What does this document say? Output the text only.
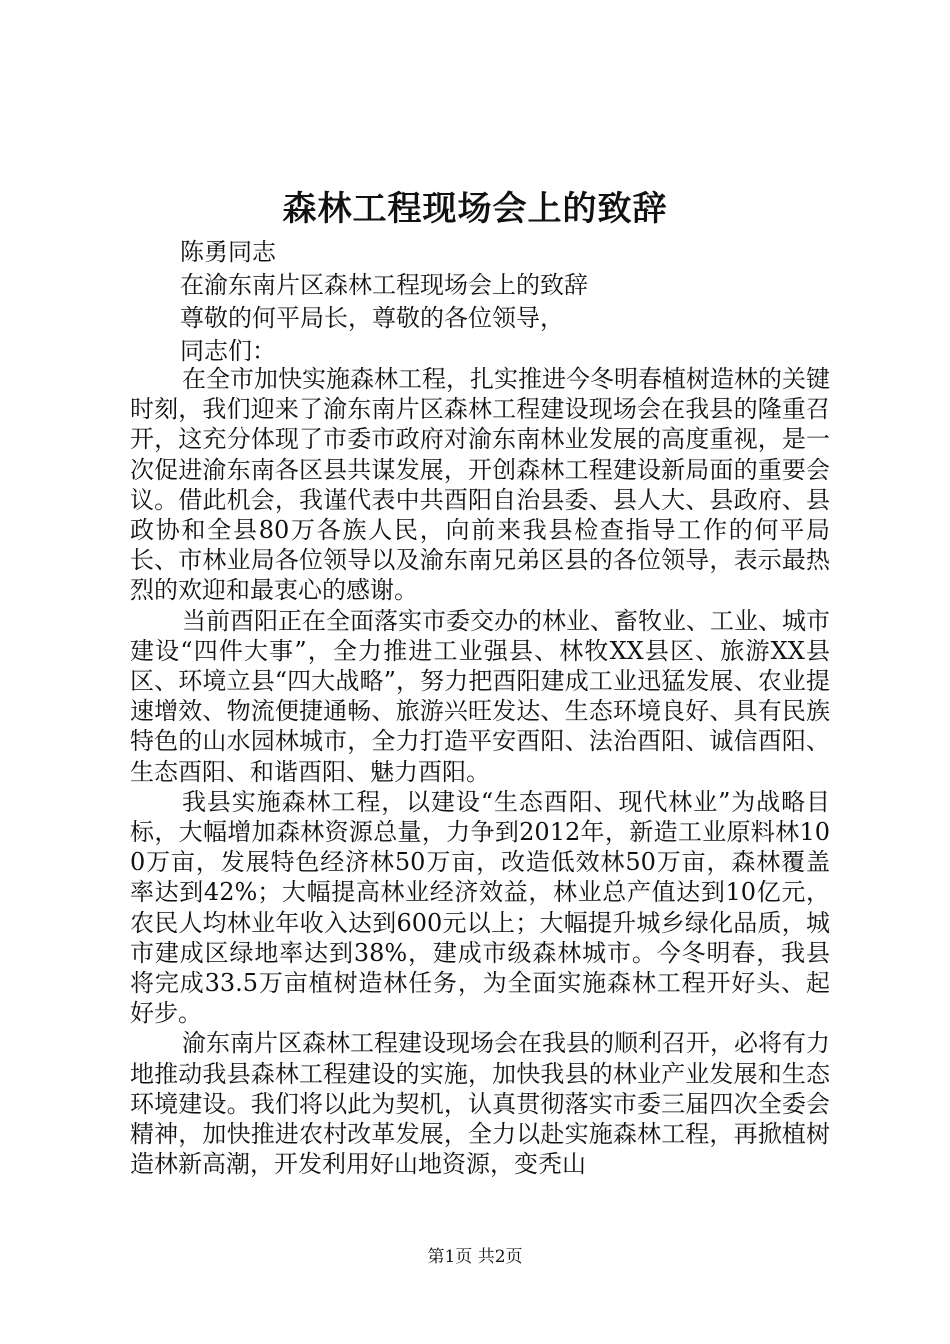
森林工程现场会上的致辞
陈勇同志
在渝东南片区森林工程现场会上的致辞
尊敬的何平局长，尊敬的各位领导，
同志们：

在全市加快实施森林工程，扎实推进今冬明春植树造林的关键时刻，我们迎来了渝东南片区森林工程建设现场会在我县的隆重召开，这充分体现了市委市政府对渝东南林业发展的高度重视，是一次促进渝东南各区县共谋发展，开创森林工程建设新局面的重要会议。借此机会，我谨代表中共酉阳自治县委、县人大、县政府、县政协和全县80万各族人民，向前来我县检查指导工作的何平局长、市林业局各位领导以及渝东南兄弟区县的各位领导，表示最热烈的欢迎和最衷心的感谢。

当前酉阳正在全面落实市委交办的林业、畜牧业、工业、城市建设“四件大事”，全力推进工业强县、林牧XX县区、旅游XX县区、环境立县“四大战略”，努力把酉阳建成工业迅猛发展、农业提速增效、物流便捷通畅、旅游兴旺发达、生态环境良好、具有民族特色的山水园林城市，全力打造平安酉阳、法治酉阳、诚信酉阳、生态酉阳、和谐酉阳、魅力酉阳。

我县实施森林工程，以建设“生态酉阳、现代林业”为战略目标，大幅增加森林资源总量，力争到2012年，新造工业原料林100万亩，发展特色经济林50万亩，改造低效林50万亩，森林覆盖率达到42%；大幅提高林业经济效益，林业总产值达到10亿元，农民人均林业年收入达到600元以上；大幅提升城乡绿化品质，城市建成区绿地率达到38%，建成市级森林城市。今冬明春，我县将完成33.5万亩植树造林任务，为全面实施森林工程开好头、起好步。

渝东南片区森林工程建设现场会在我县的顺利召开，必将有力地推动我县森林工程建设的实施，加快我县的林业产业发展和生态环境建设。我们将以此为契机，认真贯彻落实市委三届四次全委会精神，加快推进农村改革发展，全力以赴实施森林工程，再掀植树造林新高潮，开发利用好山地资源，变秃山

第1页 共2页
